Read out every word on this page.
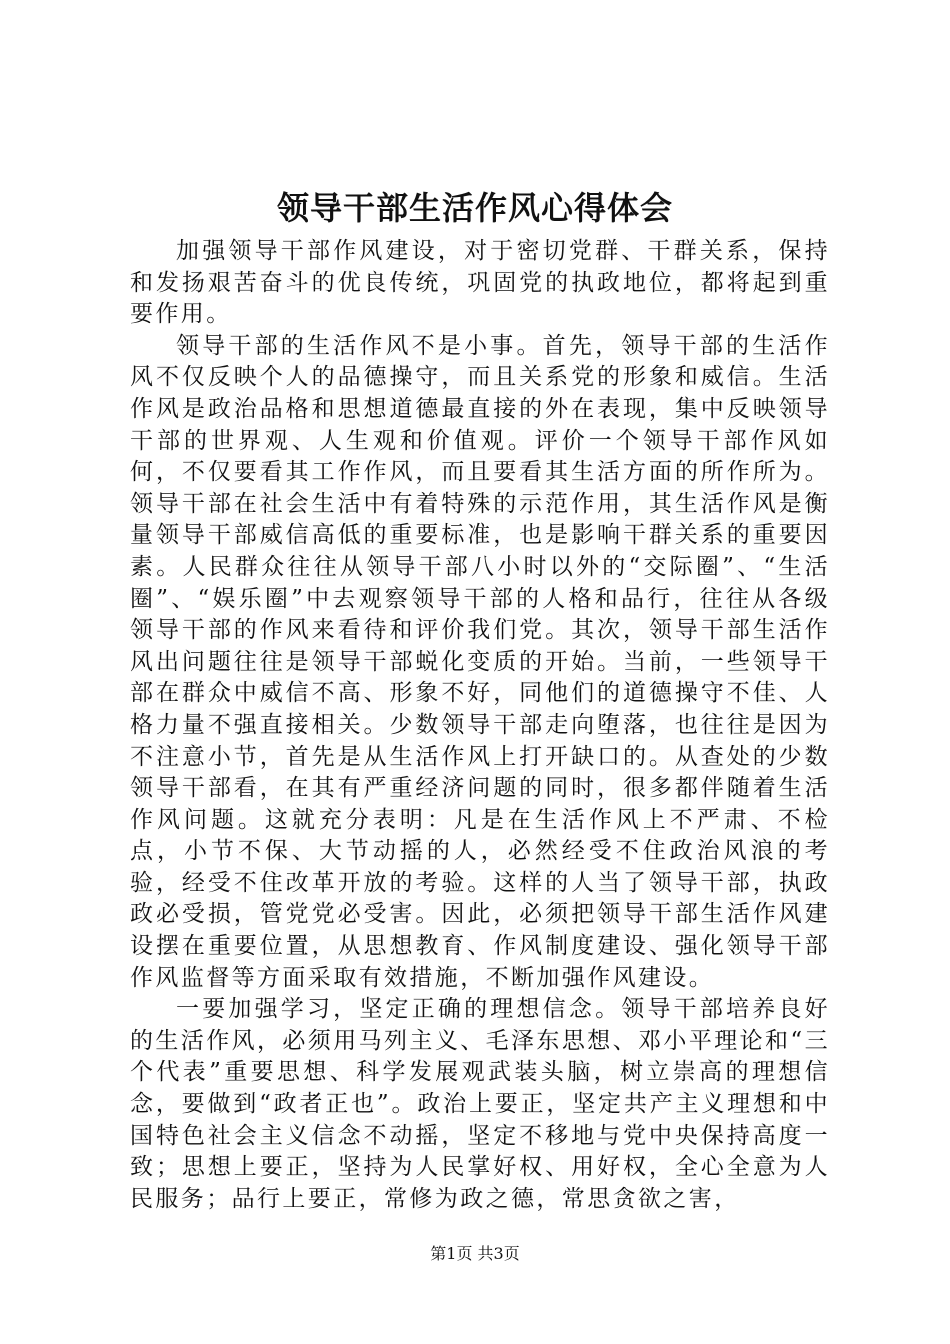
领导干部生活作风心得体会

加强领导干部作风建设，对于密切党群、干群关系，保持和发扬艰苦奋斗的优良传统，巩固党的执政地位，都将起到重要作用。

领导干部的生活作风不是小事。首先，领导干部的生活作风不仅反映个人的品德操守，而且关系党的形象和威信。生活作风是政治品格和思想道德最直接的外在表现，集中反映领导干部的世界观、人生观和价值观。评价一个领导干部作风如何，不仅要看其工作作风，而且要看其生活方面的所作所为。领导干部在社会生活中有着特殊的示范作用，其生活作风是衡量领导干部威信高低的重要标准，也是影响干群关系的重要因素。人民群众往往从领导干部八小时以外的“交际圈”、“生活圈”、“娱乐圈”中去观察领导干部的人格和品行，往往从各级领导干部的作风来看待和评价我们党。其次，领导干部生活作风出问题往往是领导干部蜕化变质的开始。当前，一些领导干部在群众中威信不高、形象不好，同他们的道德操守不佳、人格力量不强直接相关。少数领导干部走向堕落，也往往是因为不注意小节，首先是从生活作风上打开缺口的。从查处的少数领导干部看，在其有严重经济问题的同时，很多都伴随着生活作风问题。这就充分表明：凡是在生活作风上不严肃、不检点，小节不保、大节动摇的人，必然经受不住政治风浪的考验，经受不住改革开放的考验。这样的人当了领导干部，执政政必受损，管党党必受害。因此，必须把领导干部生活作风建设摆在重要位置，从思想教育、作风制度建设、强化领导干部作风监督等方面采取有效措施，不断加强作风建设。

一要加强学习，坚定正确的理想信念。领导干部培养良好的生活作风，必须用马列主义、毛泽东思想、邓小平理论和“三个代表”重要思想、科学发展观武装头脑，树立崇高的理想信念，要做到“政者正也”。政治上要正，坚定共产主义理想和中国特色社会主义信念不动摇，坚定不移地与党中央保持高度一致；思想上要正，坚持为人民掌好权、用好权，全心全意为人民服务；品行上要正，常修为政之德，常思贪欲之害，

第1页 共3页
